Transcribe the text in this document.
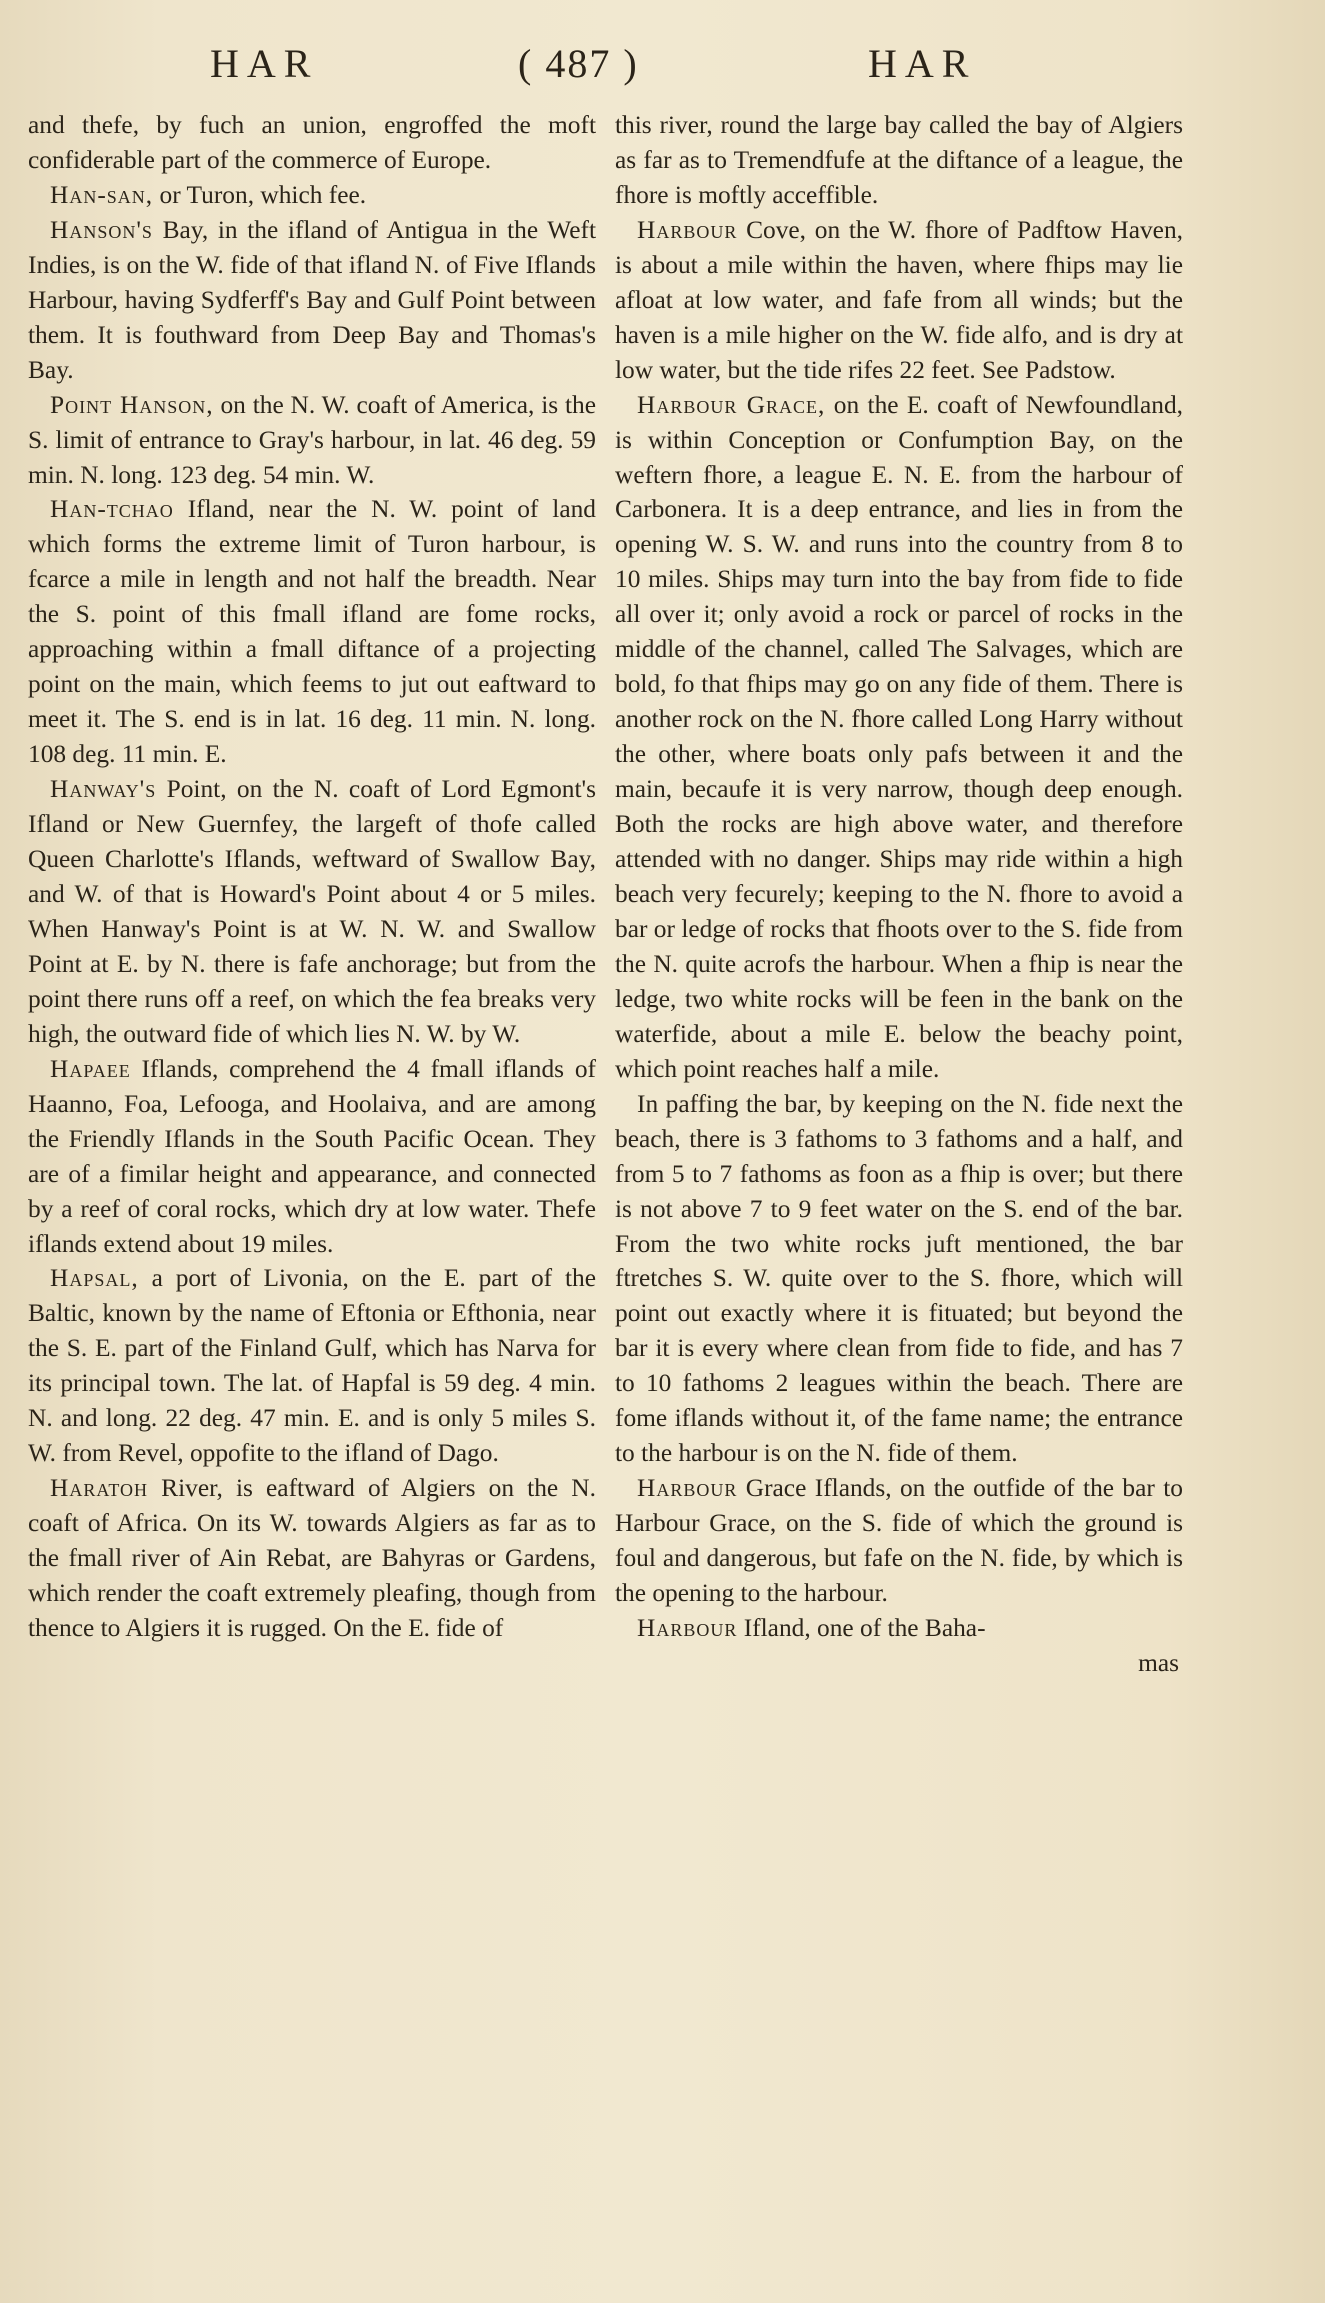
HAR	( 487 )	HAR

and thefe, by fuch an union, engroffed the moft confiderable part of the commerce of Europe.

Han-san, or Turon, which fee.

Hanson's Bay, in the ifland of Antigua in the Weft Indies, is on the W. fide of that ifland N. of Five Iflands Harbour, having Sydferff's Bay and Gulf Point between them. It is fouthward from Deep Bay and Thomas's Bay.

Point Hanson, on the N. W. coaft of America, is the S. limit of entrance to Gray's harbour, in lat. 46 deg. 59 min. N. long. 123 deg. 54 min. W.

Han-tchao Ifland, near the N. W. point of land which forms the extreme limit of Turon harbour, is fcarce a mile in length and not half the breadth. Near the S. point of this fmall ifland are fome rocks, approaching within a fmall diftance of a projecting point on the main, which feems to jut out eaftward to meet it. The S. end is in lat. 16 deg. 11 min. N. long. 108 deg. 11 min. E.

Hanway's Point, on the N. coaft of Lord Egmont's Ifland or New Guernfey, the largeft of thofe called Queen Charlotte's Iflands, weftward of Swallow Bay, and W. of that is Howard's Point about 4 or 5 miles. When Hanway's Point is at W. N. W. and Swallow Point at E. by N. there is fafe anchorage; but from the point there runs off a reef, on which the fea breaks very high, the outward fide of which lies N. W. by W.

Hapaee Iflands, comprehend the 4 fmall iflands of Haanno, Foa, Lefooga, and Hoolaiva, and are among the Friendly Iflands in the South Pacific Ocean. They are of a fimilar height and appearance, and connected by a reef of coral rocks, which dry at low water. Thefe iflands extend about 19 miles.

Hapsal, a port of Livonia, on the E. part of the Baltic, known by the name of Eftonia or Efthonia, near the S. E. part of the Finland Gulf, which has Narva for its principal town. The lat. of Hapfal is 59 deg. 4 min. N. and long. 22 deg. 47 min. E. and is only 5 miles S. W. from Revel, oppofite to the ifland of Dago.

Haratoh River, is eaftward of Algiers on the N. coaft of Africa. On its W. towards Algiers as far as to the fmall river of Ain Rebat, are Bahyras or Gardens, which render the coaft extremely pleafing, though from thence to Algiers it is rugged. On the E. fide of

this river, round the large bay called the bay of Algiers as far as to Tremendfufe at the diftance of a league, the fhore is moftly acceffible.

Harbour Cove, on the W. fhore of Padftow Haven, is about a mile within the haven, where fhips may lie afloat at low water, and fafe from all winds; but the haven is a mile higher on the W. fide alfo, and is dry at low water, but the tide rifes 22 feet. See Padstow.

Harbour Grace, on the E. coaft of Newfoundland, is within Conception or Confumption Bay, on the weftern fhore, a league E. N. E. from the harbour of Carbonera. It is a deep entrance, and lies in from the opening W. S. W. and runs into the country from 8 to 10 miles. Ships may turn into the bay from fide to fide all over it; only avoid a rock or parcel of rocks in the middle of the channel, called The Salvages, which are bold, fo that fhips may go on any fide of them. There is another rock on the N. fhore called Long Harry without the other, where boats only pafs between it and the main, becaufe it is very narrow, though deep enough. Both the rocks are high above water, and therefore attended with no danger. Ships may ride within a high beach very fecurely; keeping to the N. fhore to avoid a bar or ledge of rocks that fhoots over to the S. fide from the N. quite acrofs the harbour. When a fhip is near the ledge, two white rocks will be feen in the bank on the waterfide, about a mile E. below the beachy point, which point reaches half a mile.

In paffing the bar, by keeping on the N. fide next the beach, there is 3 fathoms to 3 fathoms and a half, and from 5 to 7 fathoms as foon as a fhip is over; but there is not above 7 to 9 feet water on the S. end of the bar. From the two white rocks juft mentioned, the bar ftretches S. W. quite over to the S. fhore, which will point out exactly where it is fituated; but beyond the bar it is every where clean from fide to fide, and has 7 to 10 fathoms 2 leagues within the beach. There are fome iflands without it, of the fame name; the entrance to the harbour is on the N. fide of them.

Harbour Grace Iflands, on the outfide of the bar to Harbour Grace, on the S. fide of which the ground is foul and dangerous, but fafe on the N. fide, by which is the opening to the harbour.

Harbour Ifland, one of the Baha-

mas
